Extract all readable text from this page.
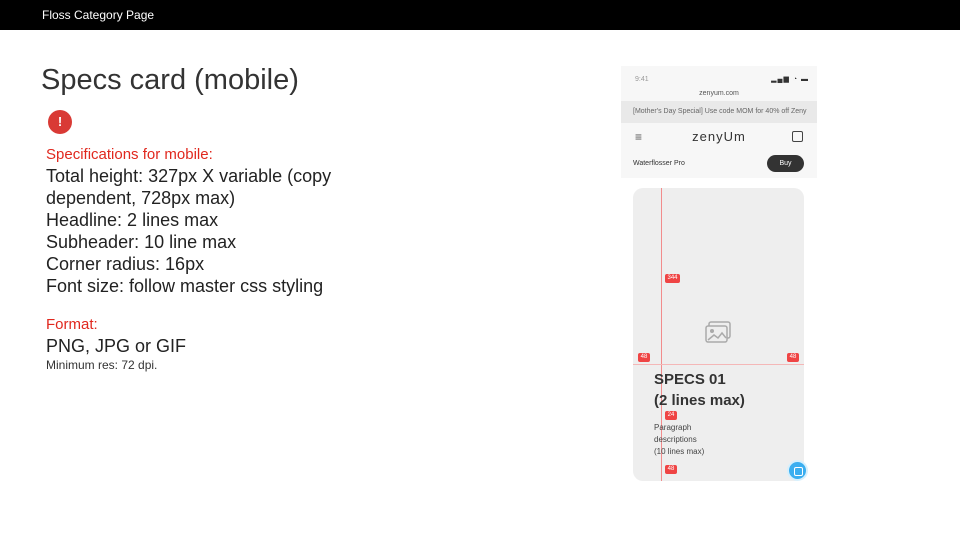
Floss Category Page
Specs card (mobile)
!
Specifications for mobile:
Total height: 327px X variable (copy
dependent, 728px max)
Headline: 2 lines max
Subheader: 10 line max
Corner radius: 16px
Font size: follow master css styling
Format:
PNG, JPG or GIF
Minimum res: 72 dpi.
9:41	▂▄▆ ◔ ▬
zenyum.com
[Mother's Day Special] Use code MOM for 40% off Zeny
≡	zenyUm
Waterflosser Pro	Buy
344
48	48
24
48
SPECS 01
(2 lines max)
Paragraph
descriptions
(10 lines max)
